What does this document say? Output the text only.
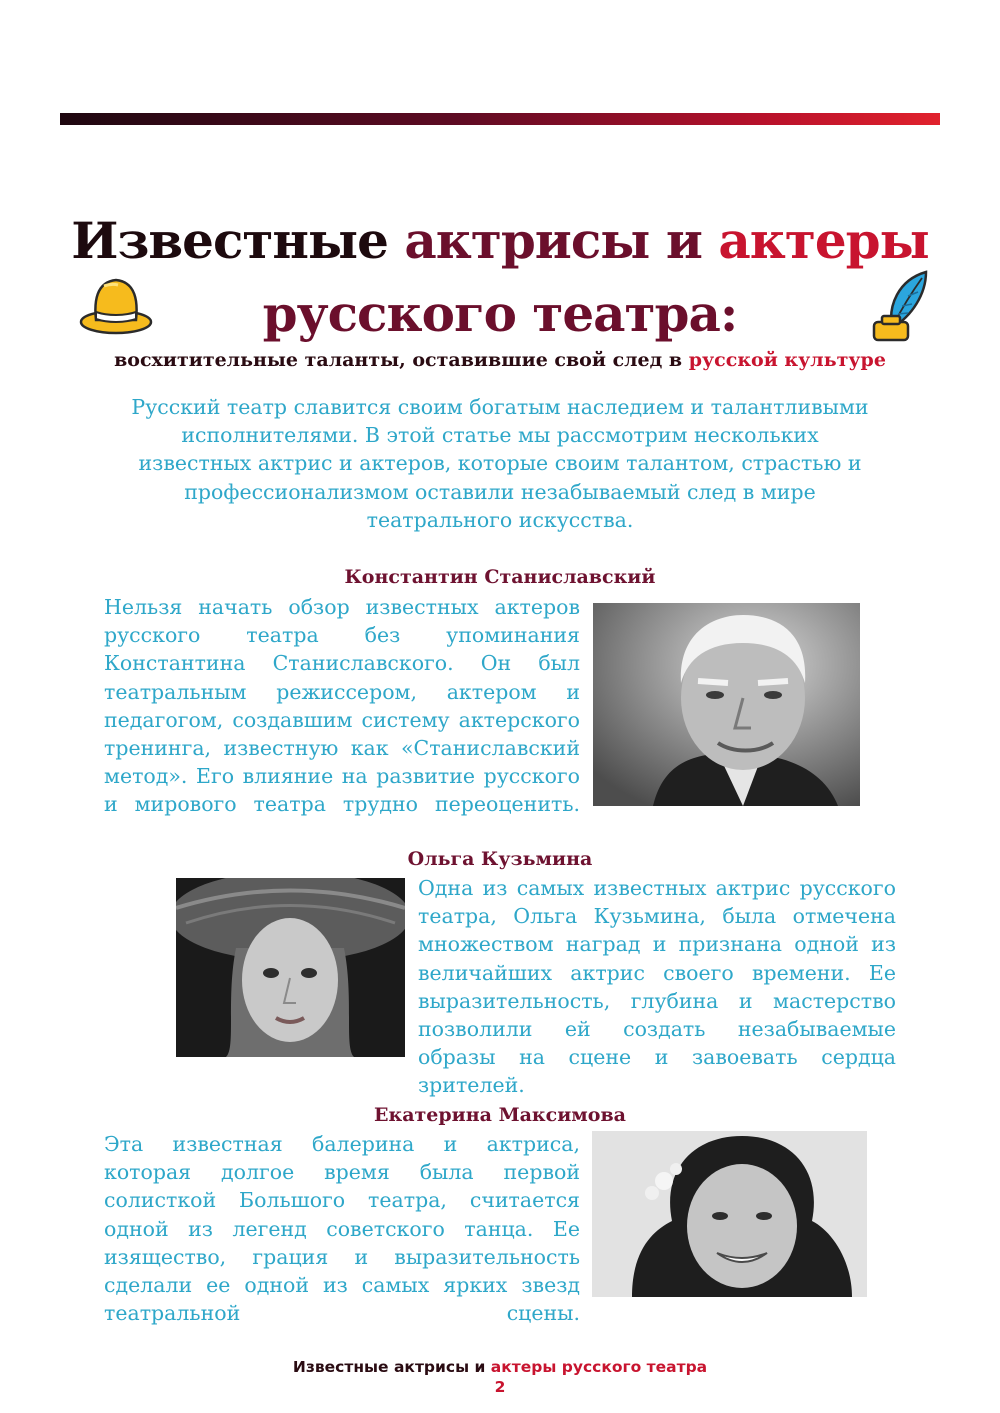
Известные актрисы и актеры
русского театра:
восхитительные таланты, оставившие свой след в русской культуре
Русский театр славится своим богатым наследием и талантливыми исполнителями. В этой статье мы рассмотрим нескольких известных актрис и актеров, которые своим талантом, страстью и профессионализмом оставили незабываемый след в мире театрального искусства.
Константин Станиславский

Нельзя начать обзор известных актеров русского театра без упоминания Константина Станиславского. Он был театральным режиссером, актером и педагогом, создавшим систему актерского тренинга, известную как «Станиславский метод». Его влияние на развитие русского и мирового театра трудно переоценить.

Ольга Кузьмина

Одна из самых известных актрис русского театра, Ольга Кузьмина, была отмечена множеством наград и признана одной из величайших актрис своего времени. Ее выразительность, глубина и мастерство позволили ей создать незабываемые образы на сцене и завоевать сердца зрителей.

Екатерина Максимова

Эта известная балерина и актриса, которая долгое время была первой солисткой Большого театра, считается одной из легенд советского танца. Ее изящество, грация и выразительность сделали ее одной из самых ярких звезд театральной сцены.

Известные актрисы и актеры русского театра
2
